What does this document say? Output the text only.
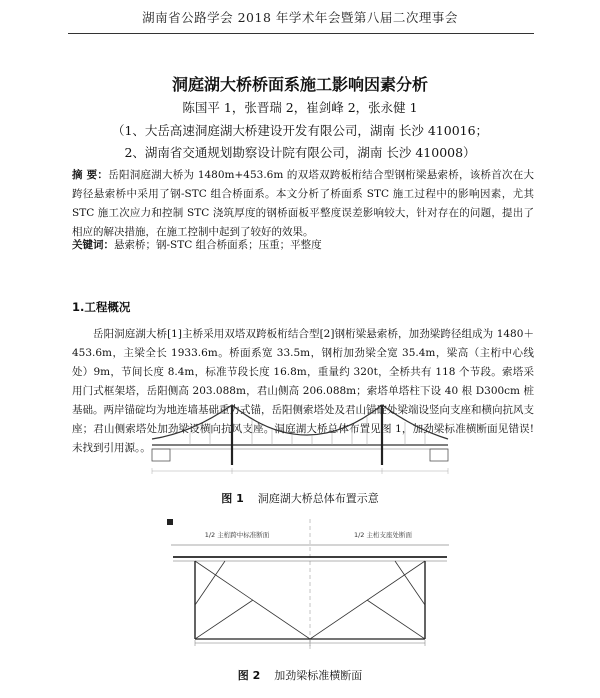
湖南省公路学会 2018 年学术年会暨第八届二次理事会
洞庭湖大桥桥面系施工影响因素分析
陈国平 1，张晋瑞 2，崔剑峰 2，张永健 1
（1、大岳高速洞庭湖大桥建设开发有限公司，湖南 长沙 410016；
2、湖南省交通规划勘察设计院有限公司，湖南 长沙 410008）
摘 要：岳阳洞庭湖大桥为 1480m+453.6m 的双塔双跨板桁结合型钢桁梁悬索桥，该桥首次在大跨径悬索桥中采用了钢-STC 组合桥面系。本文分析了桥面系 STC 施工过程中的影响因素，尤其 STC 施工次应力和控制 STC 浇筑厚度的钢桥面板平整度误差影响较大，针对存在的问题，提出了相应的解决措施，在施工控制中起到了较好的效果。
关键词：悬索桥；钢-STC 组合桥面系；压重；平整度
1.工程概况
岳阳洞庭湖大桥[1]主桥采用双塔双跨板桁结合型[2]钢桁梁悬索桥，加劲梁跨径组成为 1480＋453.6m，主梁全长 1933.6m。桥面系宽 33.5m，钢桁加劲梁全宽 35.4m，梁高（主桁中心线处）9m，节间长度 8.4m，标准节段长度 16.8m，重量约 320t，全桥共有 118 个节段。索塔采用门式框架塔，岳阳侧高 203.088m，君山侧高 206.088m；索塔单塔柱下设 40 根 D300cm 桩基础。两岸锚碇均为地连墙基础重力式锚，岳阳侧索塔处及君山锚碇处梁端设竖向支座和横向抗风支座；君山侧索塔处加劲梁设横向抗风支座。洞庭湖大桥总体布置见图 1，加劲梁标准横断面见错误!未找到引用源。。
图 1 洞庭湖大桥总体布置示意
1/2 主桁跨中标准断面	1/2 主桁支座处断面
图 2 加劲梁标准横断面
